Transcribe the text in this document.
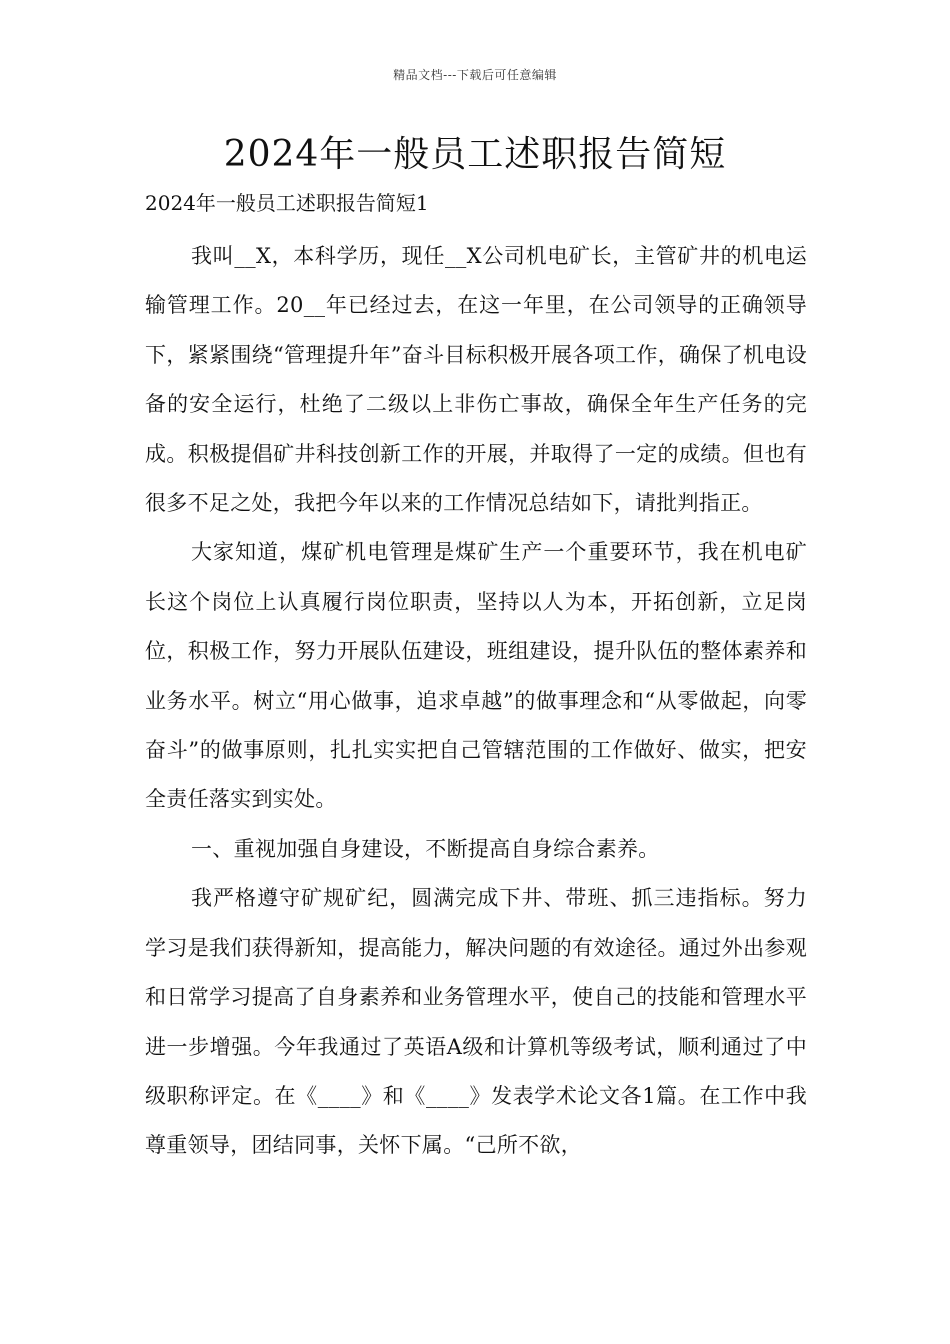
精品文档---下载后可任意编辑
2024年一般员工述职报告简短
2024年一般员工述职报告简短1

我叫__X，本科学历，现任__X公司机电矿长，主管矿井的机电运输管理工作。20__年已经过去，在这一年里，在公司领导的正确领导下，紧紧围绕“管理提升年”奋斗目标积极开展各项工作，确保了机电设备的安全运行，杜绝了二级以上非伤亡事故，确保全年生产任务的完成。积极提倡矿井科技创新工作的开展，并取得了一定的成绩。但也有很多不足之处，我把今年以来的工作情况总结如下，请批判指正。

大家知道，煤矿机电管理是煤矿生产一个重要环节，我在机电矿长这个岗位上认真履行岗位职责，坚持以人为本，开拓创新，立足岗位，积极工作，努力开展队伍建设，班组建设，提升队伍的整体素养和业务水平。树立“用心做事，追求卓越”的做事理念和“从零做起，向零奋斗”的做事原则，扎扎实实把自己管辖范围的工作做好、做实，把安全责任落实到实处。

一、重视加强自身建设，不断提高自身综合素养。

我严格遵守矿规矿纪，圆满完成下井、带班、抓三违指标。努力学习是我们获得新知，提高能力，解决问题的有效途径。通过外出参观和日常学习提高了自身素养和业务管理水平，使自己的技能和管理水平进一步增强。今年我通过了英语A级和计算机等级考试，顺利通过了中级职称评定。在《____》和《____》发表学术论文各1篇。在工作中我尊重领导，团结同事，关怀下属。“己所不欲，
